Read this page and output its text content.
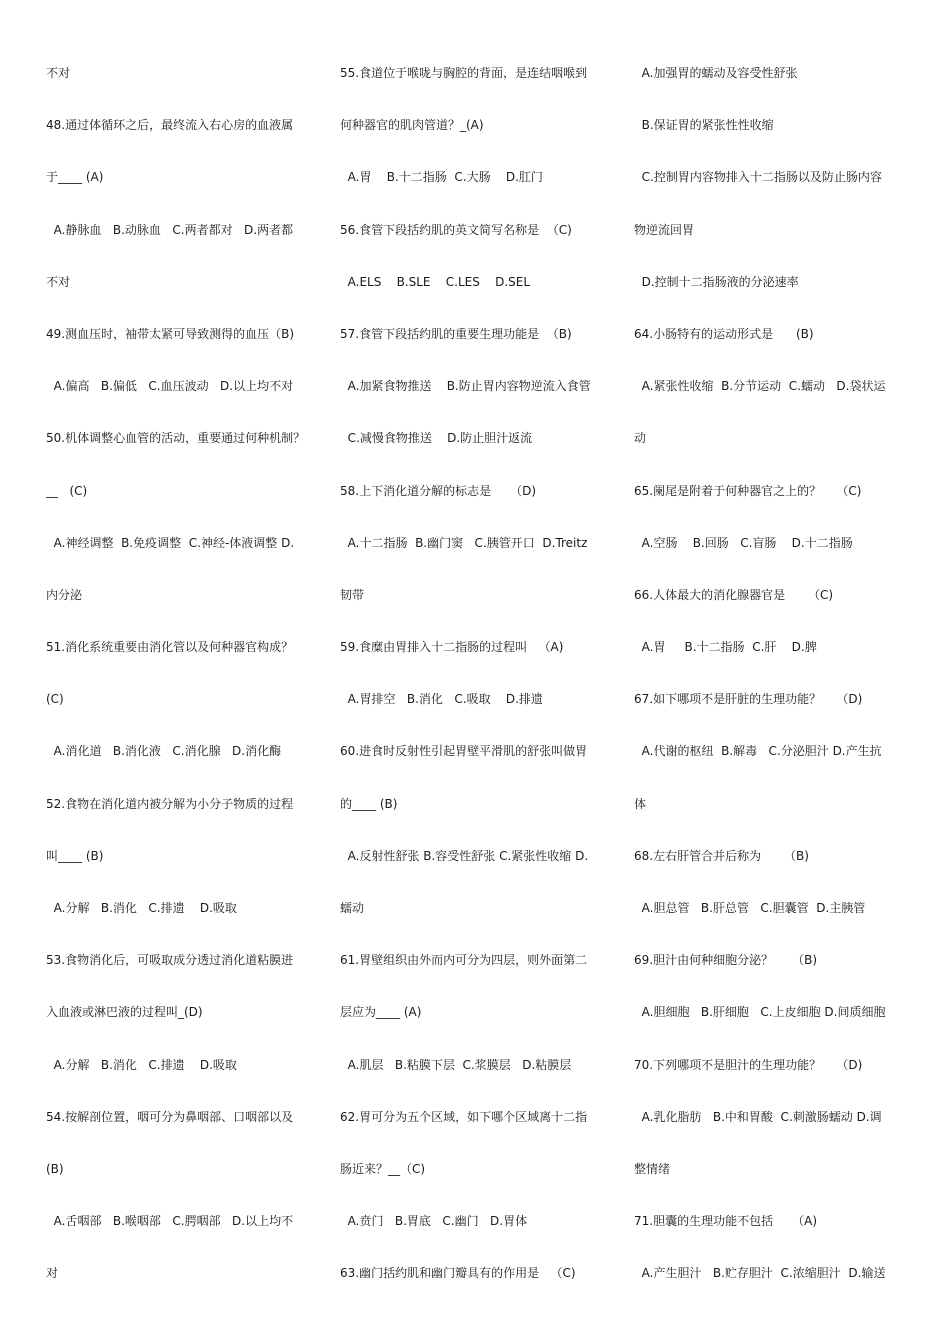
不对
48.通过体循环之后，最终流入右心房的血液属
于____ (A)
A.静脉血   B.动脉血   C.两者都对   D.两者都
不对
49.测血压时，袖带太紧可导致测得的血压（B)
A.偏高   B.偏低   C.血压波动   D.以上均不对
50.机体调整心血管的活动，重要通过何种机制？
__   (C)
A.神经调整  B.免疫调整  C.神经-体液调整 D.
内分泌
51.消化系统重要由消化管以及何种器官构成？
(C)
A.消化道   B.消化液   C.消化腺   D.消化酶
52.食物在消化道内被分解为小分子物质的过程
叫____ (B)
A.分解   B.消化   C.排遗    D.吸取
53.食物消化后，可吸取成分透过消化道粘膜进
入血液或淋巴液的过程叫_(D)
A.分解   B.消化   C.排遗    D.吸取
54.按解剖位置，咽可分为鼻咽部、口咽部以及
(B)
A.舌咽部   B.喉咽部   C.腭咽部   D.以上均不
对
55.食道位于喉咙与胸腔的背面，是连结咽喉到
何种器官的肌肉管道？_(A)
A.胃    B.十二指肠  C.大肠    D.肛门
56.食管下段括约肌的英文简写名称是  （C)
A.ELS    B.SLE    C.LES    D.SEL
57.食管下段括约肌的重要生理功能是  （B)
A.加紧食物推送    B.防止胃内容物逆流入食管
C.减慢食物推送    D.防止胆汁返流
58.上下消化道分解的标志是     （D)
A.十二指肠  B.幽门窦   C.胰管开口  D.Treitz
韧带
59.食糜由胃排入十二指肠的过程叫   （A)
A.胃排空   B.消化   C.吸取    D.排遗
60.进食时反射性引起胃壁平滑肌的舒张叫做胃
的____ (B)
A.反射性舒张 B.容受性舒张 C.紧张性收缩 D.
蠕动
61.胃壁组织由外而内可分为四层，则外面第二
层应为____ (A)
A.肌层   B.粘膜下层  C.浆膜层   D.粘膜层
62.胃可分为五个区域，如下哪个区域离十二指
肠近来？__（C)
A.贲门   B.胃底   C.幽门   D.胃体
63.幽门括约肌和幽门瓣具有的作用是   （C)
A.加强胃的蠕动及容受性舒张
B.保证胃的紧张性性收缩
C.控制胃内容物排入十二指肠以及防止肠内容
物逆流回胃
D.控制十二指肠液的分泌速率
64.小肠特有的运动形式是      (B)
A.紧张性收缩  B.分节运动  C.蠕动   D.袋状运
动
65.阑尾是附着于何种器官之上的？    （C)
A.空肠    B.回肠   C.盲肠    D.十二指肠
66.人体最大的消化腺器官是      （C)
A.胃     B.十二指肠  C.肝    D.脾
67.如下哪项不是肝脏的生理功能？    （D)
A.代谢的枢纽  B.解毒   C.分泌胆汁 D.产生抗
体
68.左右肝管合并后称为      （B)
A.胆总管   B.肝总管   C.胆囊管  D.主胰管
69.胆汁由何种细胞分泌？     （B)
A.胆细胞   B.肝细胞   C.上皮细胞 D.间质细胞
70.下列哪项不是胆汁的生理功能？    （D)
A.乳化脂肪   B.中和胃酸  C.刺激肠蠕动 D.调
整情绪
71.胆囊的生理功能不包括     （A)
A.产生胆汁   B.贮存胆汁  C.浓缩胆汁  D.输送
